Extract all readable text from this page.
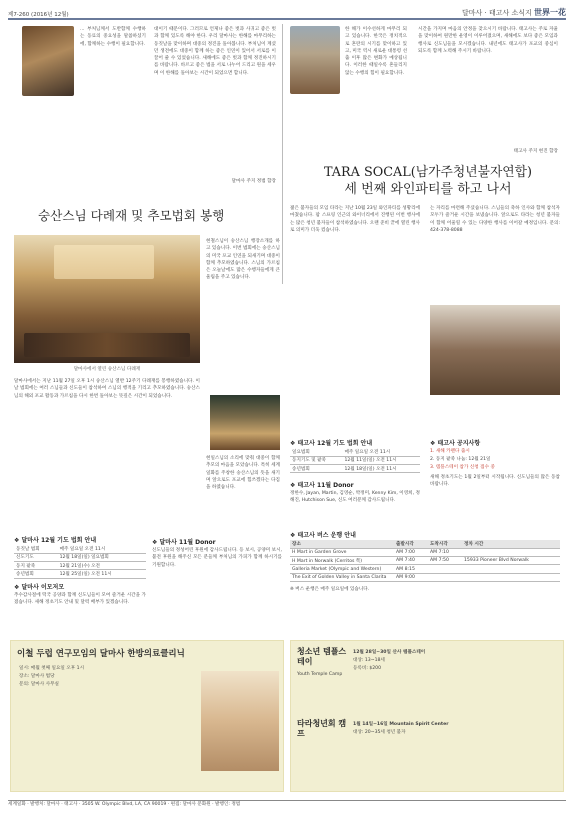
제7-260 (2016년 12월)	달마사 · 태고사 소식지 世界一花
... 부처님께서 도반함께 수행하는 동료의 중요성을 말씀하셨기에, 함께하는 수행이 필요합니다.
대이기 때문이다. 그러므로 언제나 좋은 벗과 사귀고 좋은 벗과 함께 있도록 해야 한다. 우리 달마사는 한해를 마무리하는 동짓날을 맞이하며 대중의 정진을 돌아봅니다. 부처님이 계셨던 생전에도 대중이 함께 하는 좋은 인연이 있어서 서로를 이끌어 줄 수 있었습니다. 새해에도 좋은 벗과 함께 정진하시기를 바랍니다. 바르고 좋은 법을 서로 나누어 드리고 원을 세우며 이 한해를 돌아보는 시간이 되었으면 합니다.
달마사 주지 정범 합장
한 해가 이수선하게 마무리 되고 있습니다. 한국은 정치적으로 혼란의 시기를 맞이하고 있고, 미국 역시 새로운 대통령 선출 이후 많은 변화가 예상됩니다. 이러한 때일수록 흔들리지 않는 수행의 힘이 필요합니다.
시간을 가지며 마음의 안정을 찾으시기 바랍니다. 태고사는 주로 자율을 맞이하여 원만한 운영이 이루어졌으며, 새해에도 보다 좋은 모임과 행사로 신도님들을 모시겠습니다. 내년에도 태고사가 포교의 중심이 되도록 함께 노력해 주시기 바랍니다.
태고사 주지 현진 합장
숭산스님 다례재 및 추모법회 봉행
달마사에서 열린 숭산스님 다례재
현철스님이 숭산스님 행장소개를 하고 있습니다. 이번 법회에는 숭산스님의 미국 포교 인연을 되새기며 대중이 함께 추모하였습니다. 스님의 가르침은 오늘날에도 많은 수행자들에게 큰 울림을 주고 있습니다.
현일스님의 소리에 맞춰 대중이 함께 추모의 마음을 모았습니다. 특히 세계일화를 주창한 숭산스님의 뜻을 새기며 앞으로도 포교에 힘쓰겠다는 다짐을 하였습니다.
달마사에서는 지난 11월 27일 오후 1시 숭산스님 열반 12주기 다례재를 봉행하였습니다. 이날 법회에는 여러 스님들과 신도들이 참석하여 스님의 행적을 기리고 추모하였습니다. 숭산스님의 해외 포교 활동과 가르침을 다시 한번 돌아보는 뜻깊은 시간이 되었습니다.
❖ 달마사 12월 기도 법회 안내
동짓날 법회	매주 일요일 오전 11시
신도기도	12월 18일(일) 일요법회
동지 팥죽	12월 21일(수) 오전
송년법회	12월 25일(일) 오전 11시
❖ 달마사 이모저모
추수감사절에 떡국 공양과 함께 신도님들이 모여 즐거운 시간을 가졌습니다. 새해 정초기도 안내 및 달력 배부가 있겠습니다.
❖ 달마사 11월 Donor
신도님들의 정성어린 후원에 감사드립니다. 등 보시, 공양미 보시, 불전 후원을 해주신 모든 분들께 부처님의 가피가 함께 하시기를 기원합니다.
TARA SOCAL(남가주청년불자연합)
세 번째 와인파티를 하고 나서
젊은 불자들의 모임 타라는 지난 10월 23일 와인파티를 성황리에 마쳤습니다. 팜 스프링 인근의 와이너리에서 진행된 이번 행사에는 많은 청년 불자들이 참석하였습니다. 오랜 준비 끝에 열린 행사로 의미가 더욱 컸습니다.
는 자리를 마련해 주셨습니다. 스님들의 축하 인사와 함께 참석자 모두가 즐거운 시간을 보냈습니다. 앞으로도 타라는 청년 불자들이 함께 어울릴 수 있는 다양한 행사를 이어갈 예정입니다. 문의: 424-378-8088
❖ 태고사 12월 기도 법회 안내
일요법회	매주 일요일 오전 11시
동지기도 및 팥죽	12월 11일(일) 오전 11시
송년법회	12월 18일(일) 오전 11시
❖ 태고사 11월 Donor
정한수, Jayan, Martin, 김영순, 박정미, Kenny Kim, 이영희, 정해진, Hutchison Sue, 신도 여러분께 감사드립니다.
❖ 태고사 공지사항
1. 새해 카렌다 출시
2. 동지 팥죽 나눔: 12월 21일
3. 템플스테이 참가 신청 접수 중
새해 정초기도는 1월 2일부터 시작됩니다. 신도님들의 많은 동참 바랍니다.
❖ 태고사 버스 운행 안내
장소	출발시각	도착시각	정차 시간
H Mart in Garden Grove	AM 7:00	AM 7:10	
H Mart in Norwalk (Cerritos 쪽)	AM 7:40	AM 7:50	15933 Pioneer Blvd Norwalk
Galleria Market (Olympic and Western)	AM 8:15		
The Exit of Golden Valley in Santa Clarita	AM 9:00		
※ 버스 운행은 매주 일요일에 있습니다.
이철 두럽 연구모임의 달마사 한방의료클리닉
일시: 매월 첫째 일요일 오후 1시
장소: 달마사 법당
문의: 달마사 사무실
청소년 템플스테이
Youth Temple Camp
12월 28일~30일 산사 템플스테이
대상: 13~18세
등록비: $200
타라청년회 캠프
1월 14일~16일 Mountain Spirit Center
대상: 20~35세 청년 불자
세계일화 · 발행처: 달마사 · 태고사 · 3505 W. Olympic Blvd, LA, CA 90019 · 편집: 달마사 문화원 · 발행인: 정범
